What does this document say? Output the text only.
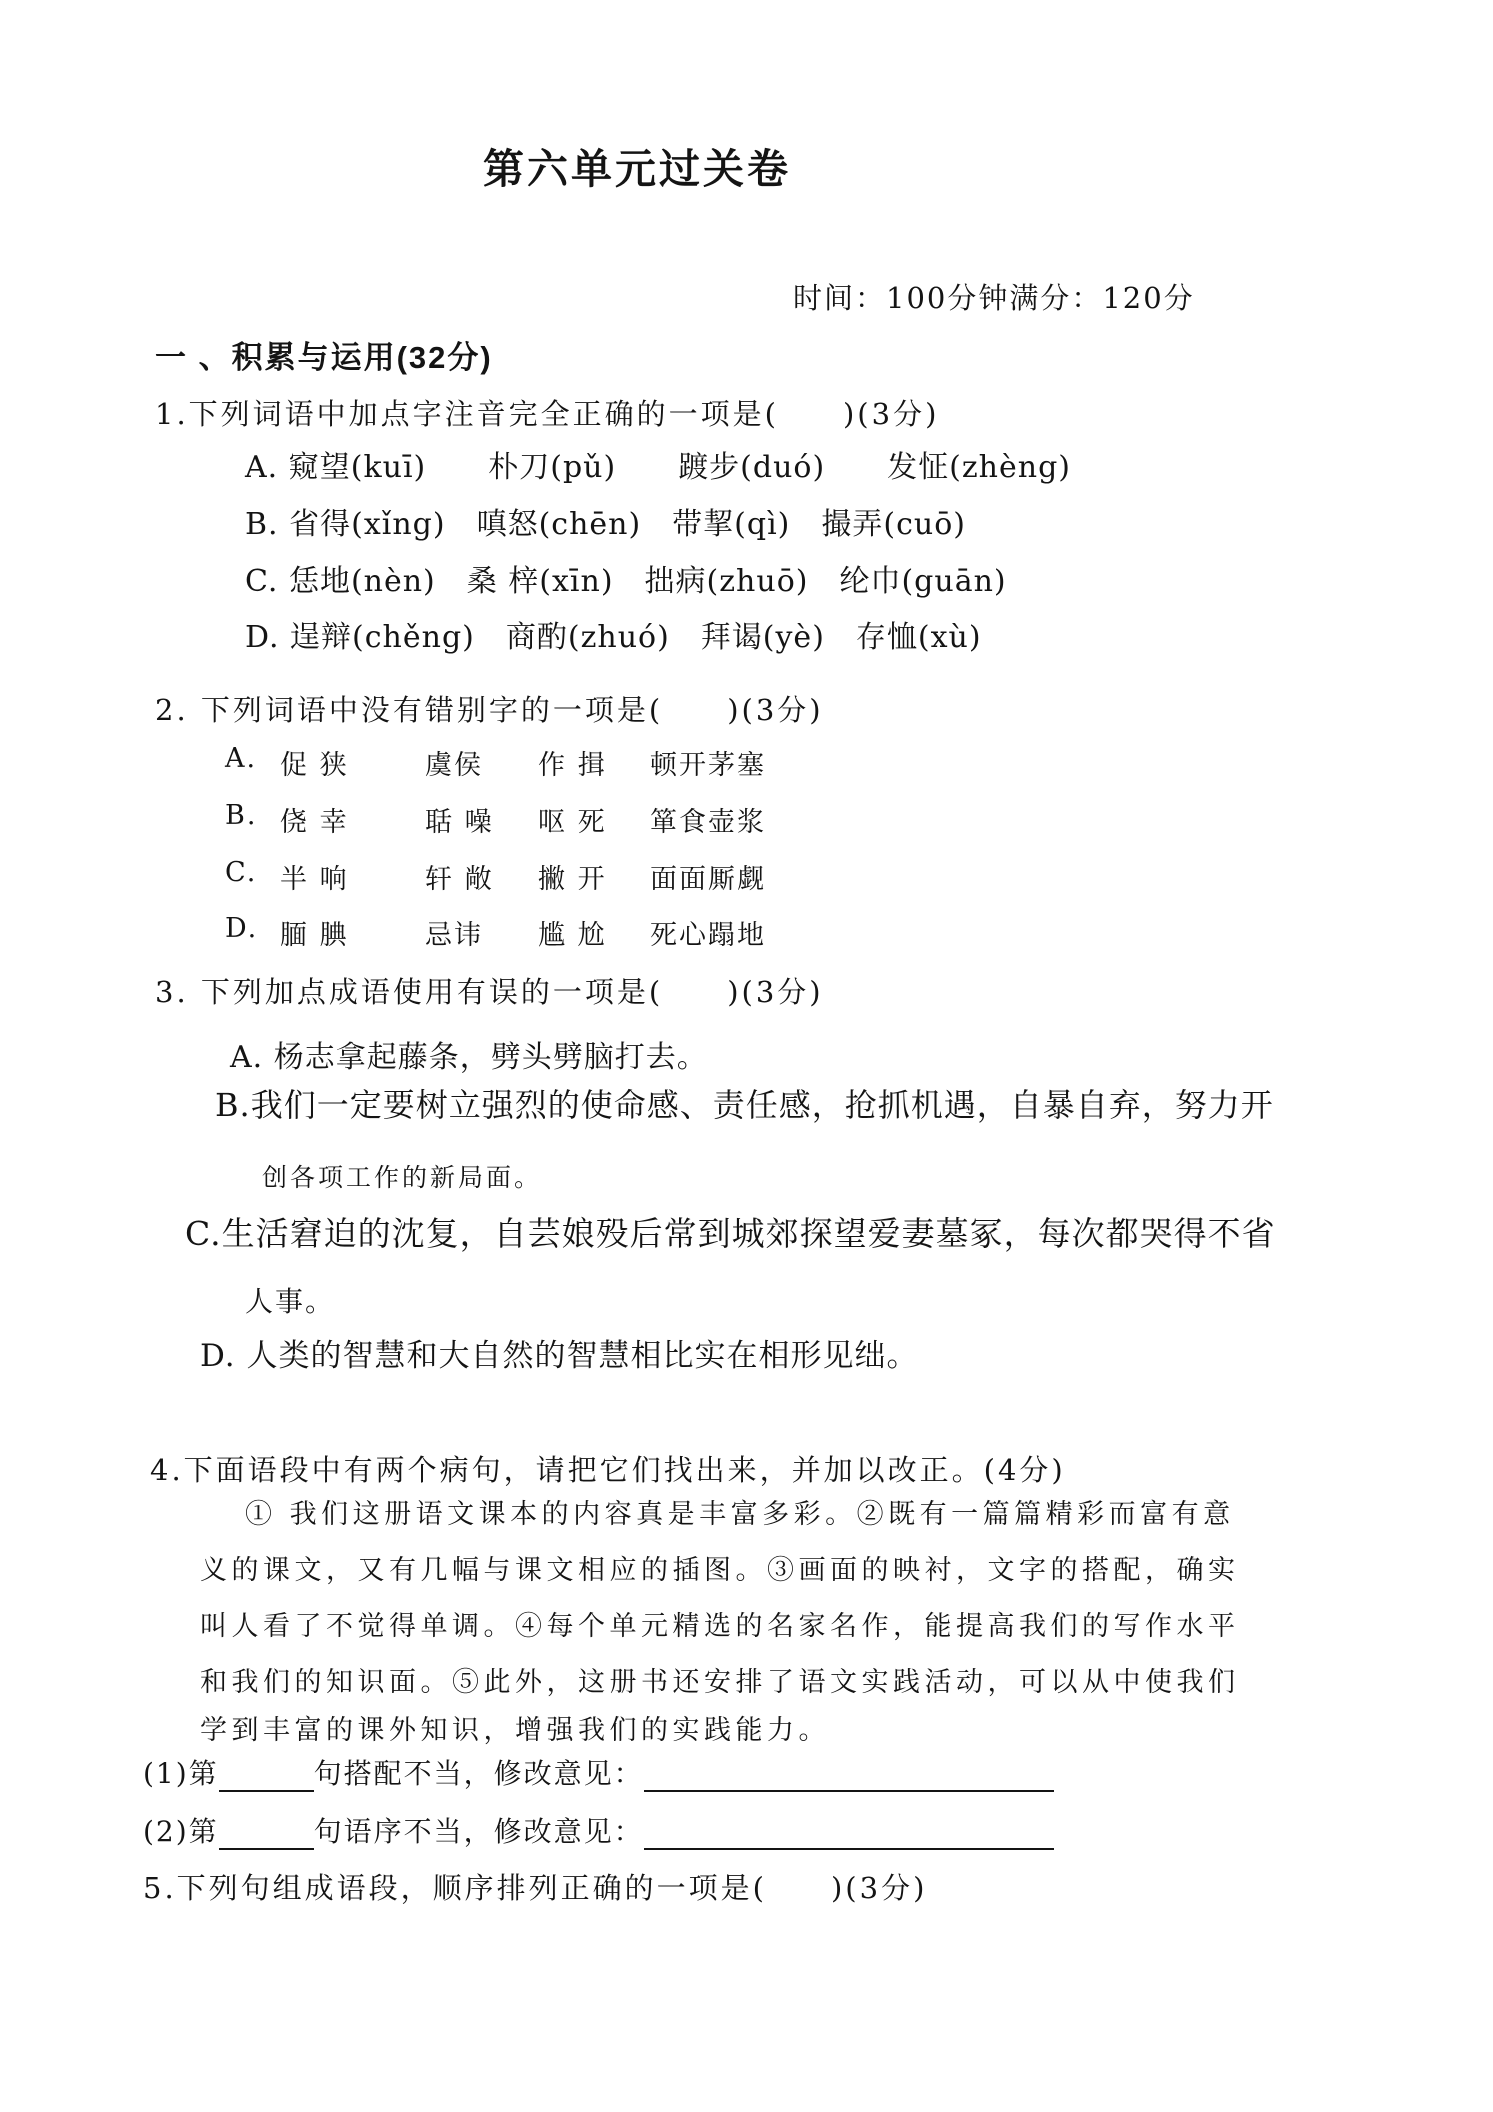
第六单元过关卷
时间：100分钟满分：120分
一 、积累与运用(32分)
1.下列词语中加点字注音完全正确的一项是(　　)(3分)
A. 窥望(kuī)　　朴刀(pǔ)　　踱步(duó)　　发怔(zhèng)
B. 省得(xǐng)　嗔怒(chēn)　带挈(qì)　撮弄(cuō)
C. 恁地(nèn)　桑 梓(xīn)　拙病(zhuō)　纶巾(guān)
D. 逞辩(chěng)　商酌(zhuó)　拜谒(yè)　存恤(xù)
2. 下列词语中没有错别字的一项是(　　)(3分)
A. 促 狭	虞侯	作 揖	顿开茅塞
B. 侥 幸	聒 噪	呕 死	箪食壶浆
C. 半 响	轩 敞	撇 开	面面厮觑
D. 腼 腆	忌讳	尴 尬	死心蹋地
3. 下列加点成语使用有误的一项是(　　)(3分)
A. 杨志拿起藤条，劈头劈脑打去。
B.我们一定要树立强烈的使命感、责任感，抢抓机遇，自暴自弃，努力开
创各项工作的新局面。
C.生活窘迫的沈复，自芸娘殁后常到城郊探望爱妻墓冢，每次都哭得不省
人事。
D. 人类的智慧和大自然的智慧相比实在相形见绌。
4.下面语段中有两个病句，请把它们找出来，并加以改正。(4分)
① 我们这册语文课本的内容真是丰富多彩。②既有一篇篇精彩而富有意
义的课文，又有几幅与课文相应的插图。③画面的映衬，文字的搭配，确实
叫人看了不觉得单调。④每个单元精选的名家名作，能提高我们的写作水平
和我们的知识面。⑤此外，这册书还安排了语文实践活动，可以从中使我们
学到丰富的课外知识，增强我们的实践能力。
(1)第	句搭配不当，修改意见：
(2)第	句语序不当，修改意见：
5.下列句组成语段，顺序排列正确的一项是(　　)(3分)
